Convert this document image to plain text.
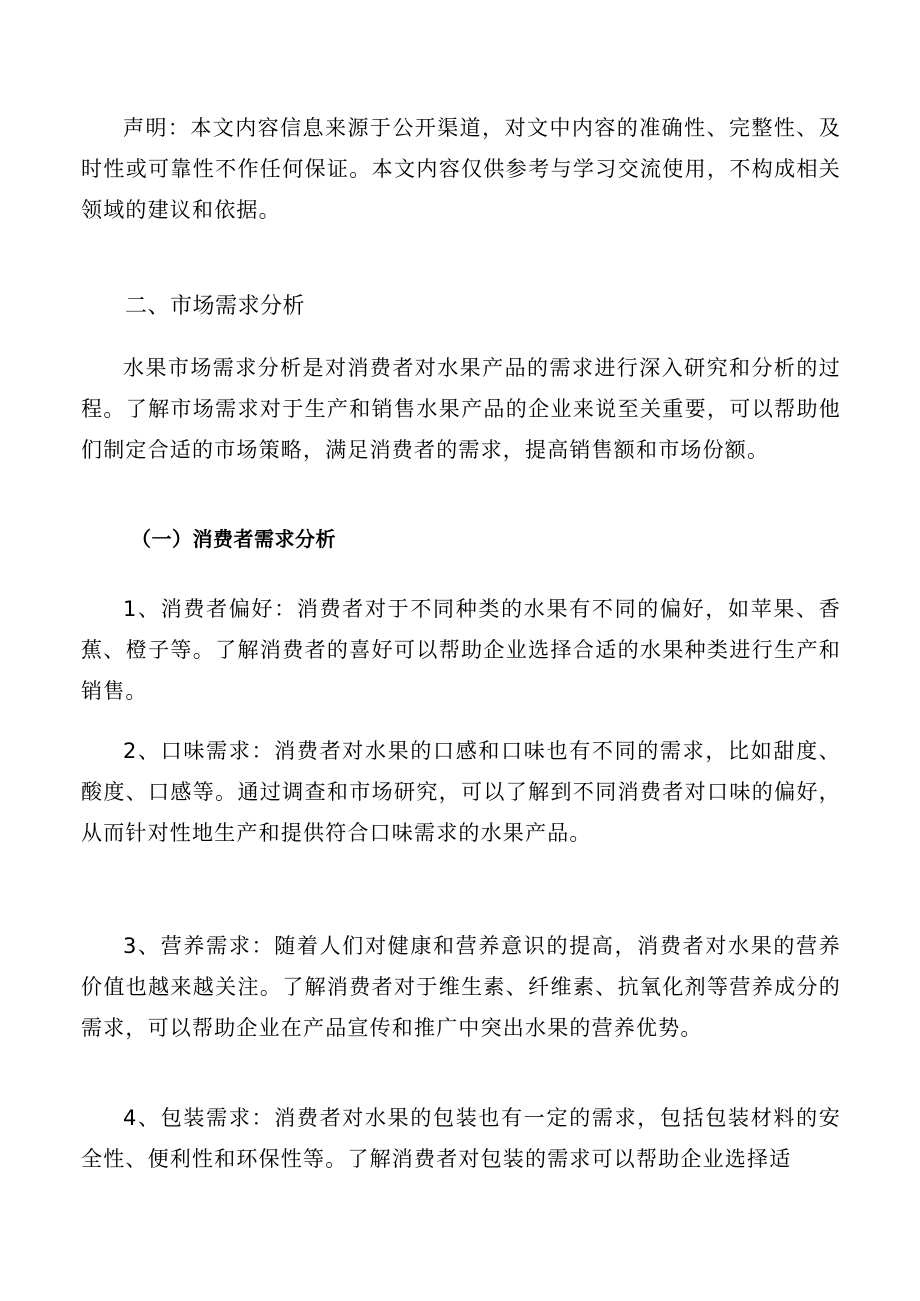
声明：本文内容信息来源于公开渠道，对文中内容的准确性、完整性、及时性或可靠性不作任何保证。本文内容仅供参考与学习交流使用，不构成相关领域的建议和依据。

二、市场需求分析

水果市场需求分析是对消费者对水果产品的需求进行深入研究和分析的过程。了解市场需求对于生产和销售水果产品的企业来说至关重要，可以帮助他们制定合适的市场策略，满足消费者的需求，提高销售额和市场份额。

（一）消费者需求分析

1、消费者偏好：消费者对于不同种类的水果有不同的偏好，如苹果、香蕉、橙子等。了解消费者的喜好可以帮助企业选择合适的水果种类进行生产和销售。

2、口味需求：消费者对水果的口感和口味也有不同的需求，比如甜度、酸度、口感等。通过调查和市场研究，可以了解到不同消费者对口味的偏好，从而针对性地生产和提供符合口味需求的水果产品。

3、营养需求：随着人们对健康和营养意识的提高，消费者对水果的营养价值也越来越关注。了解消费者对于维生素、纤维素、抗氧化剂等营养成分的需求，可以帮助企业在产品宣传和推广中突出水果的营养优势。

4、包装需求：消费者对水果的包装也有一定的需求，包括包装材料的安全性、便利性和环保性等。了解消费者对包装的需求可以帮助企业选择适
